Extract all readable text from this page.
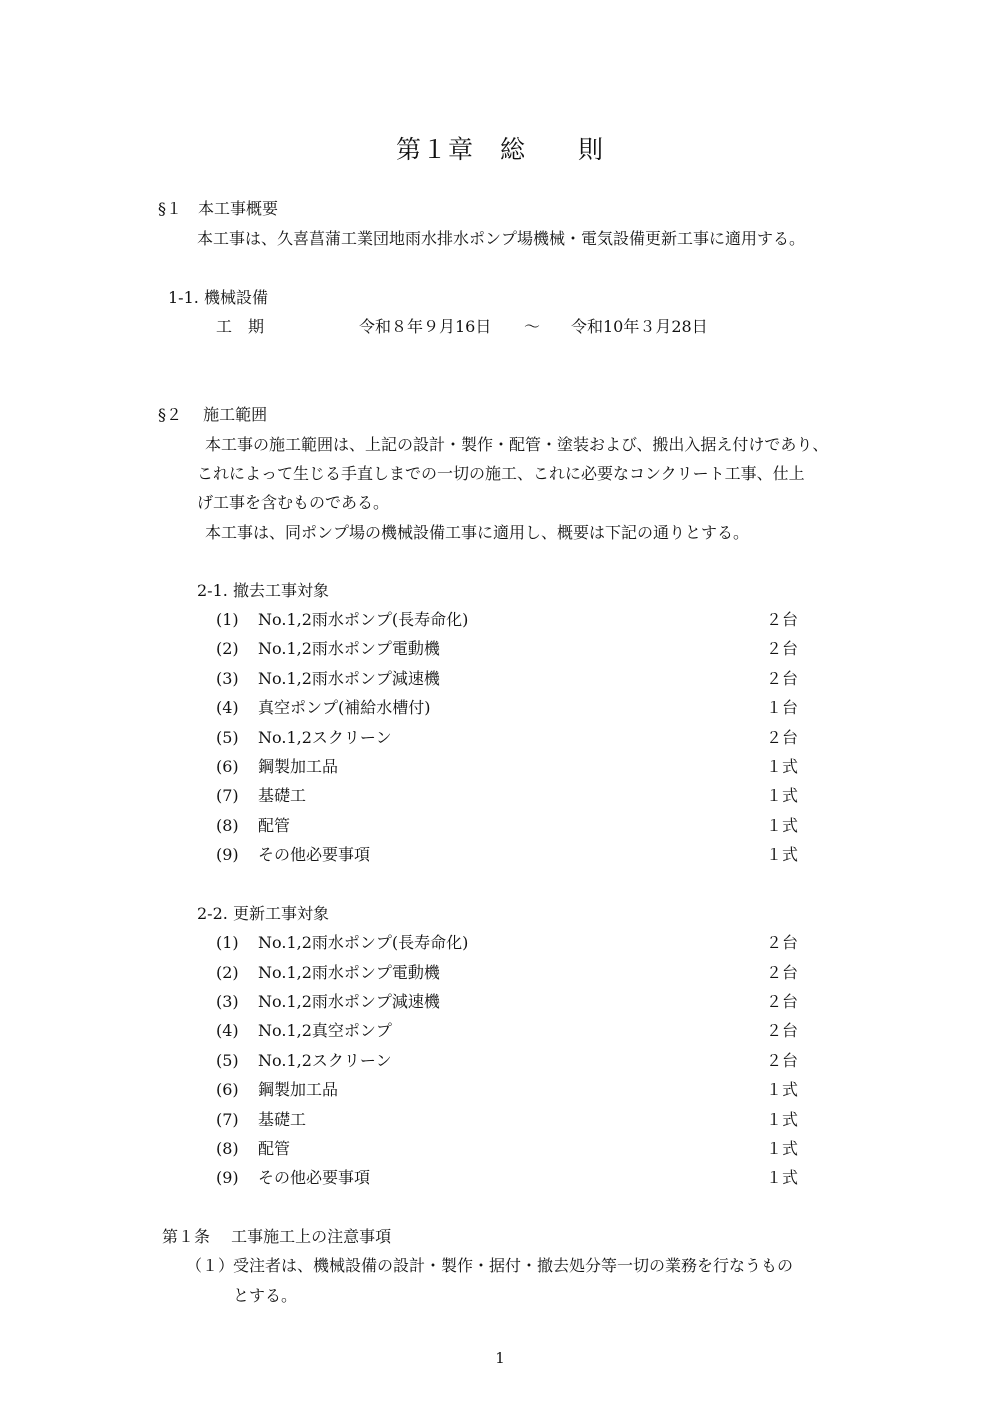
第１章　総　　則
§１　本工事概要
本工事は、久喜菖蒲工業団地雨水排水ポンプ場機械・電気設備更新工事に適用する。
1-1. 機械設備
工　期	令和８年９月16日 ～ 令和10年３月28日
§２　 施工範囲
本工事の施工範囲は、上記の設計・製作・配管・塗装および、搬出入据え付けであり、
これによって生じる手直しまでの一切の施工、これに必要なコンクリート工事、仕上
げ工事を含むものである。
本工事は、同ポンプ場の機械設備工事に適用し、概要は下記の通りとする。
2-1. 撤去工事対象
(1) No.1,2雨水ポンプ(長寿命化)	２台
(2) No.1,2雨水ポンプ電動機	２台
(3) No.1,2雨水ポンプ減速機	２台
(4) 真空ポンプ(補給水槽付)	１台
(5) No.1,2スクリーン	２台
(6) 鋼製加工品	１式
(7) 基礎工	１式
(8) 配管	１式
(9) その他必要事項	１式
2-2. 更新工事対象
(1) No.1,2雨水ポンプ(長寿命化)	２台
(2) No.1,2雨水ポンプ電動機	２台
(3) No.1,2雨水ポンプ減速機	２台
(4) No.1,2真空ポンプ	２台
(5) No.1,2スクリーン	２台
(6) 鋼製加工品	１式
(7) 基礎工	１式
(8) 配管	１式
(9) その他必要事項	１式
第１条　 工事施工上の注意事項
（１）
受注者は、機械設備の設計・製作・据付・撤去処分等一切の業務を行なうもの
とする。
1
